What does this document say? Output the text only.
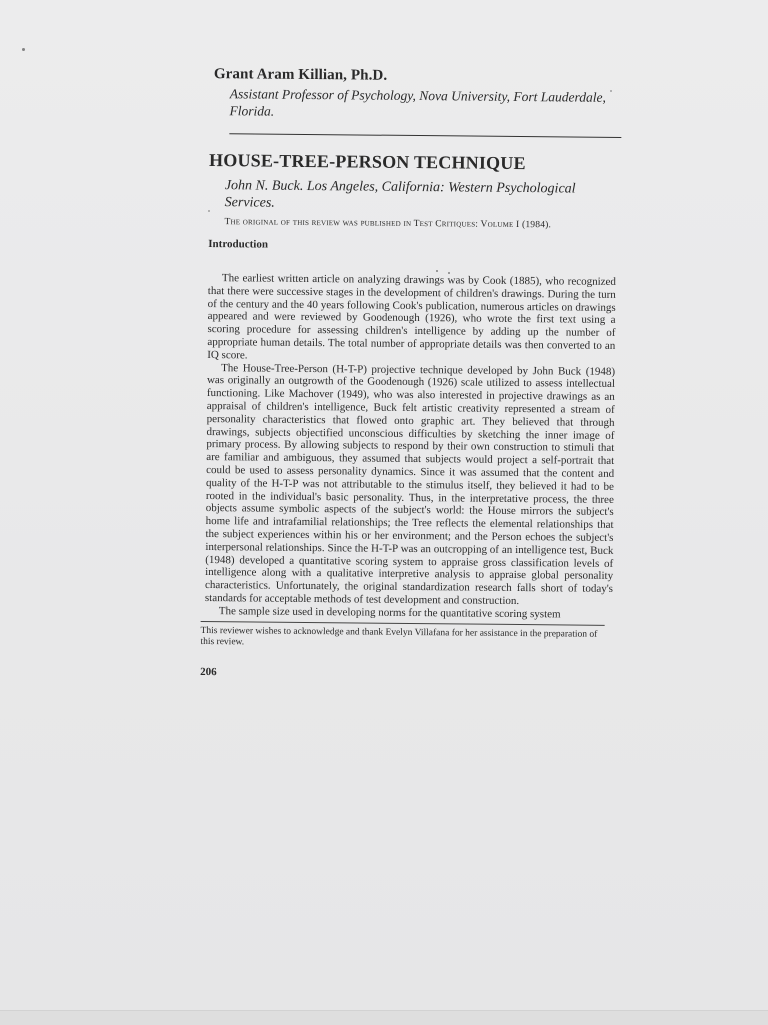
Grant Aram Killian, Ph.D.
Assistant Professor of Psychology, Nova University, Fort Lauderdale, Florida.
HOUSE-TREE-PERSON TECHNIQUE
John N. Buck. Los Angeles, California: Western Psychological Services.
The original of this review was published in Test Critiques: Volume I (1984).
Introduction

The earliest written article on analyzing drawings was by Cook (1885), who recognized that there were successive stages in the development of children's drawings. During the turn of the century and the 40 years following Cook's publication, numerous articles on drawings appeared and were reviewed by Goodenough (1926), who wrote the first text using a scoring procedure for assessing children's intelligence by adding up the number of appropriate human details. The total number of appropriate details was then converted to an IQ score.

The House-Tree-Person (H-T-P) projective technique developed by John Buck (1948) was originally an outgrowth of the Goodenough (1926) scale utilized to assess intellectual functioning. Like Machover (1949), who was also interested in projective drawings as an appraisal of children's intelligence, Buck felt artistic creativity represented a stream of personality characteristics that flowed onto graphic art. They believed that through drawings, subjects objectified unconscious difficulties by sketching the inner image of primary process. By allowing subjects to respond by their own construction to stimuli that are familiar and ambiguous, they assumed that subjects would project a self-portrait that could be used to assess personality dynamics. Since it was assumed that the content and quality of the H-T-P was not attributable to the stimulus itself, they believed it had to be rooted in the individual's basic personality. Thus, in the interpretative process, the three objects assume symbolic aspects of the subject's world: the House mirrors the subject's home life and intrafamilial relationships; the Tree reflects the elemental relationships that the subject experiences within his or her environment; and the Person echoes the subject's interpersonal relationships. Since the H-T-P was an outcropping of an intelligence test, Buck (1948) developed a quantitative scoring system to appraise gross classification levels of intelligence along with a qualitative interpretive analysis to appraise global personality characteristics. Unfortunately, the original standardization research falls short of today's standards for acceptable methods of test development and construction.

The sample size used in developing norms for the quantitative scoring system

This reviewer wishes to acknowledge and thank Evelyn Villafana for her assistance in the preparation of this review.
206
